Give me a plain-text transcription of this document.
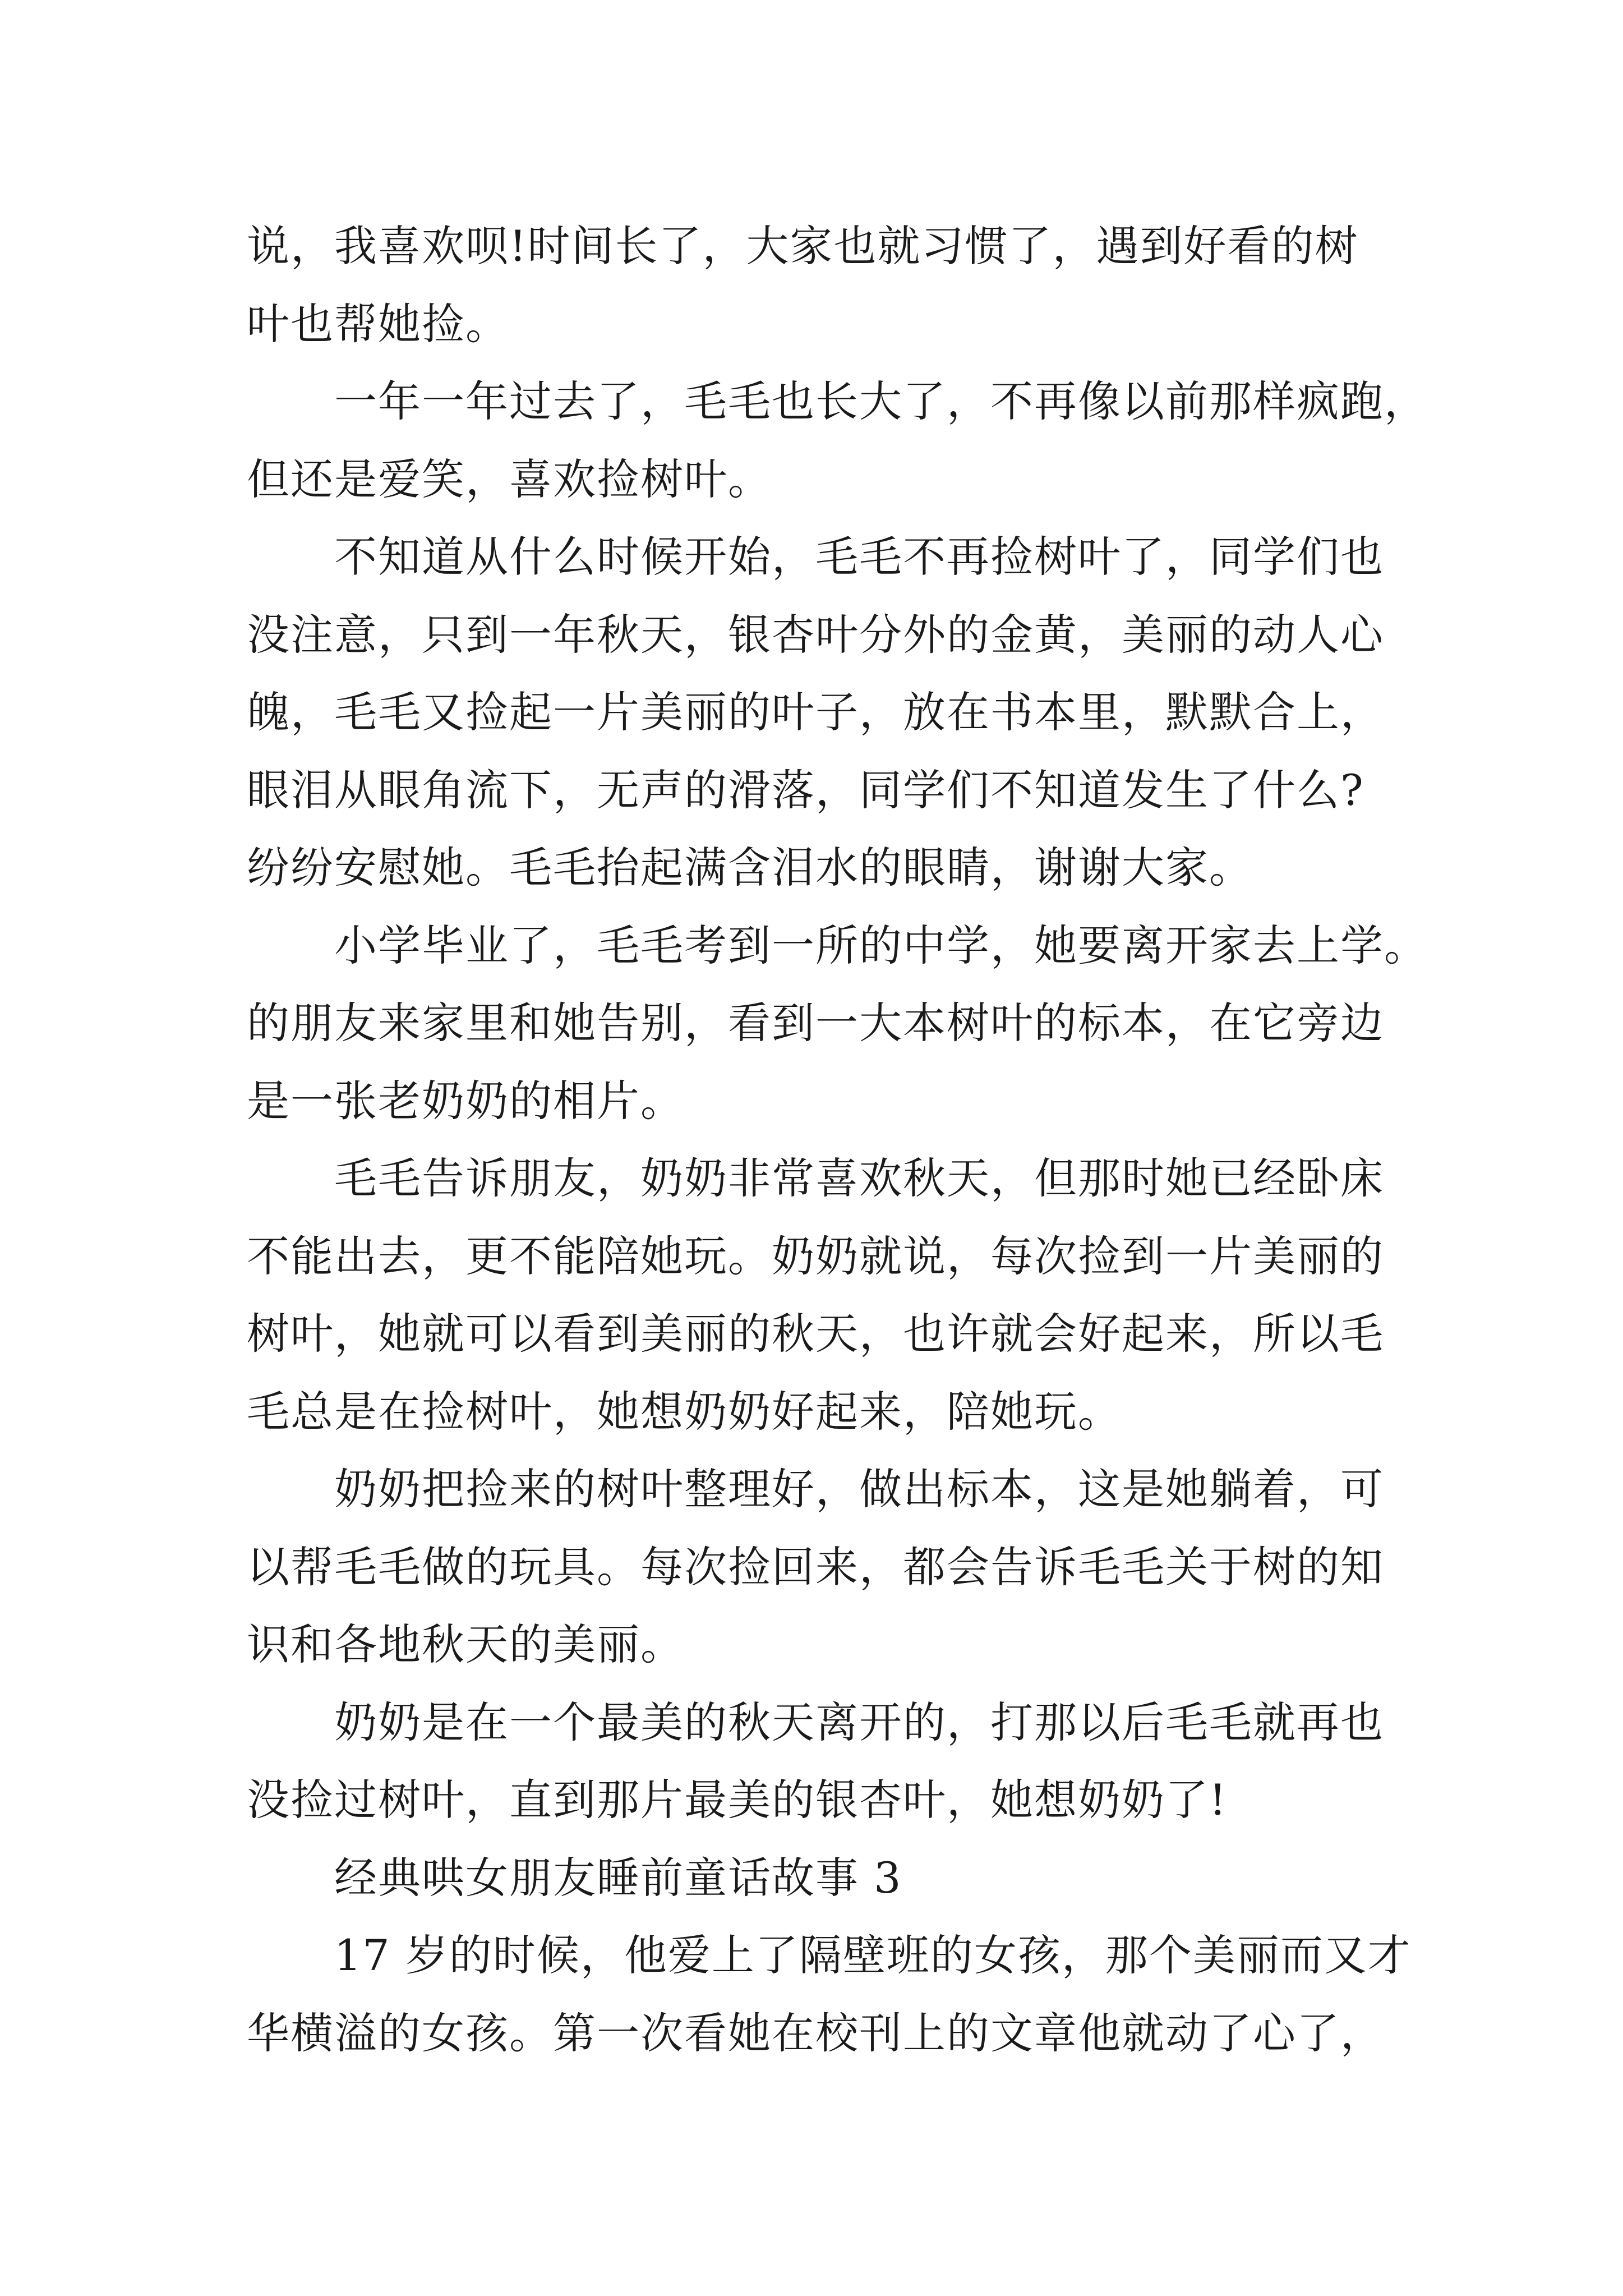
说，我喜欢呗!时间长了，大家也就习惯了，遇到好看的树
叶也帮她捡。
一年一年过去了，毛毛也长大了，不再像以前那样疯跑，
但还是爱笑，喜欢捡树叶。
不知道从什么时候开始，毛毛不再捡树叶了，同学们也
没注意，只到一年秋天，银杏叶分外的金黄，美丽的动人心
魄，毛毛又捡起一片美丽的叶子，放在书本里，默默合上，
眼泪从眼角流下，无声的滑落，同学们不知道发生了什么?
纷纷安慰她。毛毛抬起满含泪水的眼睛，谢谢大家。
小学毕业了，毛毛考到一所的中学，她要离开家去上学。
的朋友来家里和她告别，看到一大本树叶的标本，在它旁边
是一张老奶奶的相片。
毛毛告诉朋友，奶奶非常喜欢秋天，但那时她已经卧床
不能出去，更不能陪她玩。奶奶就说，每次捡到一片美丽的
树叶，她就可以看到美丽的秋天，也许就会好起来，所以毛
毛总是在捡树叶，她想奶奶好起来，陪她玩。
奶奶把捡来的树叶整理好，做出标本，这是她躺着，可
以帮毛毛做的玩具。每次捡回来，都会告诉毛毛关于树的知
识和各地秋天的美丽。
奶奶是在一个最美的秋天离开的，打那以后毛毛就再也
没捡过树叶，直到那片最美的银杏叶，她想奶奶了!
经典哄女朋友睡前童话故事 3
17 岁的时候，他爱上了隔壁班的女孩，那个美丽而又才
华横溢的女孩。第一次看她在校刊上的文章他就动了心了，
